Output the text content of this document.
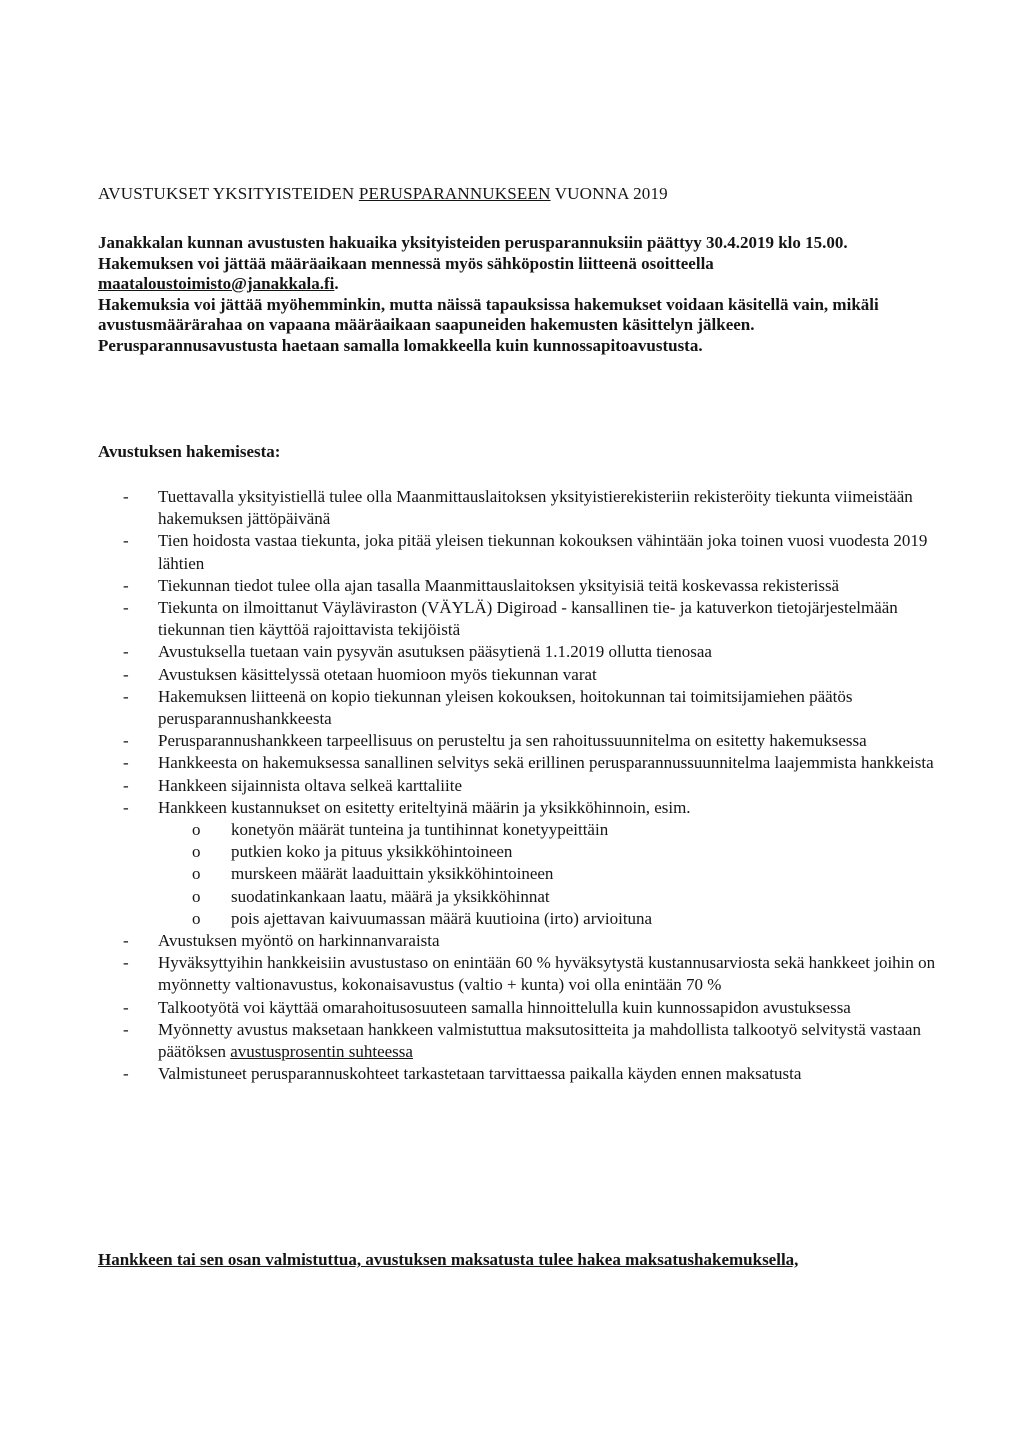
AVUSTUKSET YKSITYISTEIDEN PERUSPARANNUKSEEN VUONNA 2019

Janakkalan kunnan avustusten hakuaika yksityisteiden perusparannuksiin päättyy 30.4.2019 klo 15.00. Hakemuksen voi jättää määräaikaan mennessä myös sähköpostin liitteenä osoitteella maataloustoimisto@janakkala.fi.

Hakemuksia voi jättää myöhemminkin, mutta näissä tapauksissa hakemukset voidaan käsitellä vain, mikäli avustusmäärärahaa on vapaana määräaikaan saapuneiden hakemusten käsittelyn jälkeen.

Perusparannusavustusta haetaan samalla lomakkeella kuin kunnossapitoavustusta.

Avustuksen hakemisesta:
- Tuettavalla yksityistiellä tulee olla Maanmittauslaitoksen yksityistierekisteriin rekisteröity tiekunta viimeistään hakemuksen jättöpäivänä
- Tien hoidosta vastaa tiekunta, joka pitää yleisen tiekunnan kokouksen vähintään joka toinen vuosi vuodesta 2019 lähtien
- Tiekunnan tiedot tulee olla ajan tasalla Maanmittauslaitoksen yksityisiä teitä koskevassa rekisterissä
- Tiekunta on ilmoittanut Väyläviraston (VÄYLÄ) Digiroad - kansallinen tie- ja katuverkon tietojärjestelmään tiekunnan tien käyttöä rajoittavista tekijöistä
- Avustuksella tuetaan vain pysyvän asutuksen pääsytienä 1.1.2019 ollutta tienosaa
- Avustuksen käsittelyssä otetaan huomioon myös tiekunnan varat
- Hakemuksen liitteenä on kopio tiekunnan yleisen kokouksen, hoitokunnan tai toimitsijamiehen päätös perusparannushankkeesta
- Perusparannushankkeen tarpeellisuus on perusteltu ja sen rahoitussuunnitelma on esitetty hakemuksessa
- Hankkeesta on hakemuksessa sanallinen selvitys sekä erillinen perusparannussuunnitelma laajemmista hankkeista
- Hankkeen sijainnista oltava selkeä karttaliite
- Hankkeen kustannukset on esitetty eriteltyinä määrin ja yksikköhinnoin, esim.
o konetyön määrät tunteina ja tuntihinnat konetyypeittäin
o putkien koko ja pituus yksikköhintoineen
o murskeen määrät laaduittain yksikköhintoineen
o suodatinkankaan laatu, määrä ja yksikköhinnat
o pois ajettavan kaivuumassan määrä kuutioina (irto) arvioituna
- Avustuksen myöntö on harkinnanvaraista
- Hyväksyttyihin hankkeisiin avustustaso on enintään 60 % hyväksytystä kustannusarviosta sekä hankkeet joihin on myönnetty valtionavustus, kokonaisavustus (valtio + kunta) voi olla enintään 70 %
- Talkootyötä voi käyttää omarahoitusosuuteen samalla hinnoittelulla kuin kunnossapidon avustuksessa
- Myönnetty avustus maksetaan hankkeen valmistuttua maksutositteita ja mahdollista talkootyö selvitystä vastaan päätöksen avustusprosentin suhteessa
- Valmistuneet perusparannuskohteet tarkastetaan tarvittaessa paikalla käyden ennen maksatusta
Hankkeen tai sen osan valmistuttua, avustuksen maksatusta tulee hakea maksatushakemuksella,
